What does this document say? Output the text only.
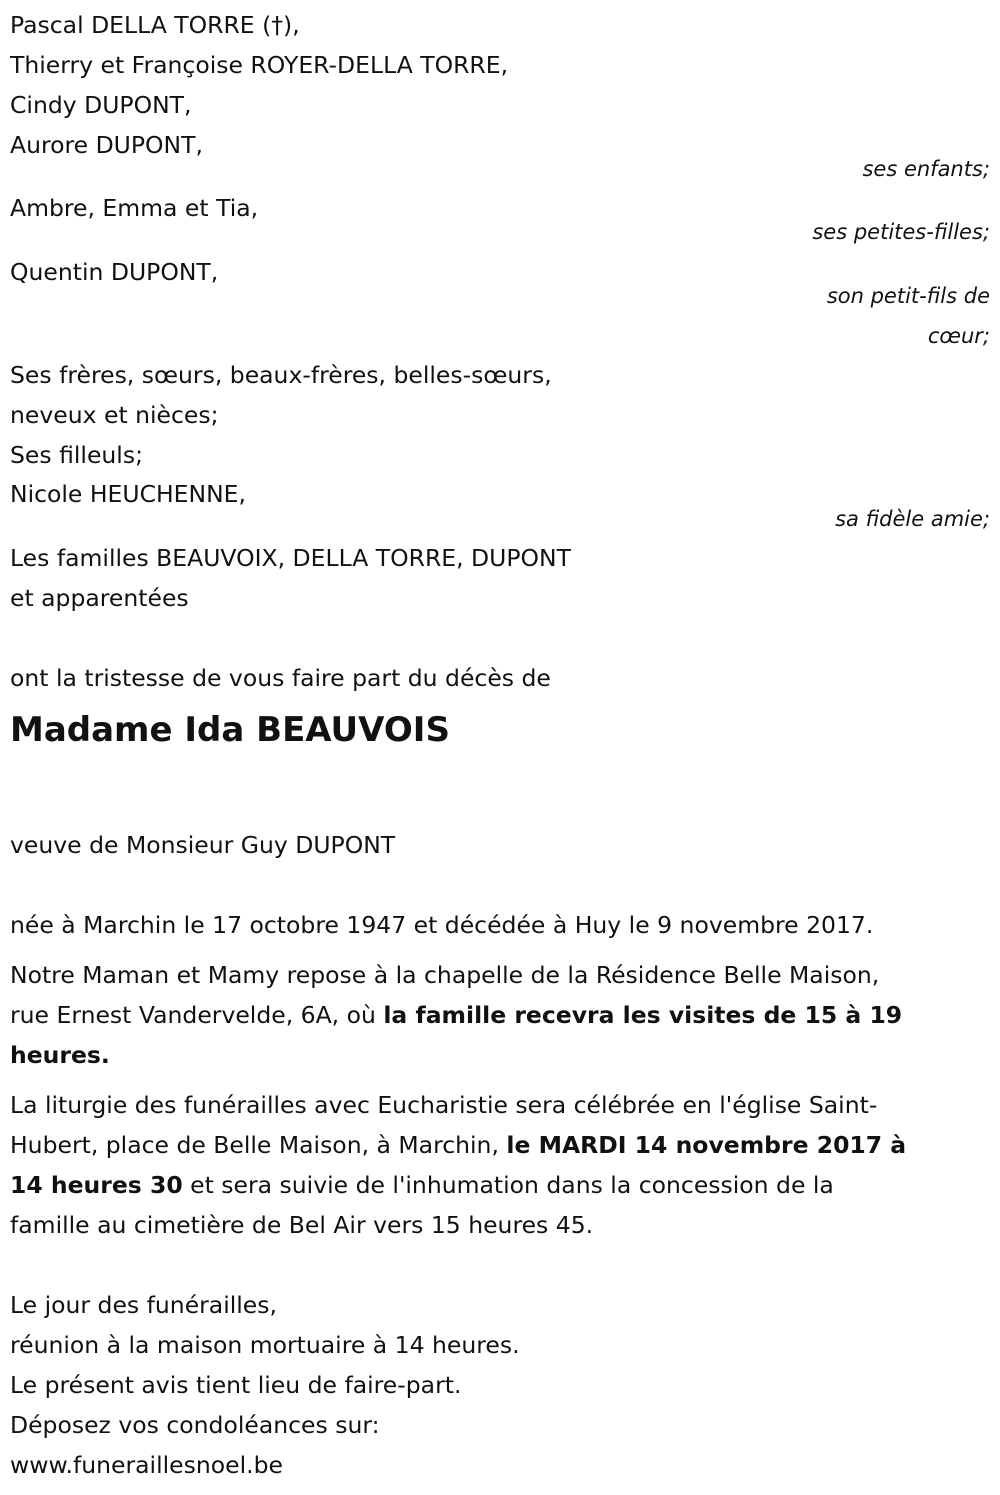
Madame Ida BEAUVOIS
Pascal DELLA TORRE (†),
Thierry et Françoise ROYER-DELLA TORRE,
Cindy DUPONT,
Aurore DUPONT,
Ambre, Emma et Tia,
Quentin DUPONT,
Ses frères, sœurs, beaux-frères, belles-sœurs,
neveux et nièces;
Ses filleuls;
Nicole HEUCHENNE,
Les familles BEAUVOIX, DELLA TORRE, DUPONT
et apparentées
ont la tristesse de vous faire part du décès de
ses enfants;
ses petites-filles;
son petit-fils de
cœur;
sa fidèle amie;
veuve de Monsieur Guy DUPONT
née à Marchin le 17 octobre 1947 et décédée à Huy le 9 novembre 2017.
Notre Maman et Mamy repose à la chapelle de la Résidence Belle Maison,
rue Ernest Vandervelde, 6A, où la famille recevra les visites de 15 à 19
heures.
La liturgie des funérailles avec Eucharistie sera célébrée en l'église Saint-
Hubert, place de Belle Maison, à Marchin, le MARDI 14 novembre 2017 à
14 heures 30 et sera suivie de l'inhumation dans la concession de la
famille au cimetière de Bel Air vers 15 heures 45.
Le jour des funérailles,
réunion à la maison mortuaire à 14 heures.
Le présent avis tient lieu de faire-part.
Déposez vos condoléances sur:
www.funeraillesnoel.be
